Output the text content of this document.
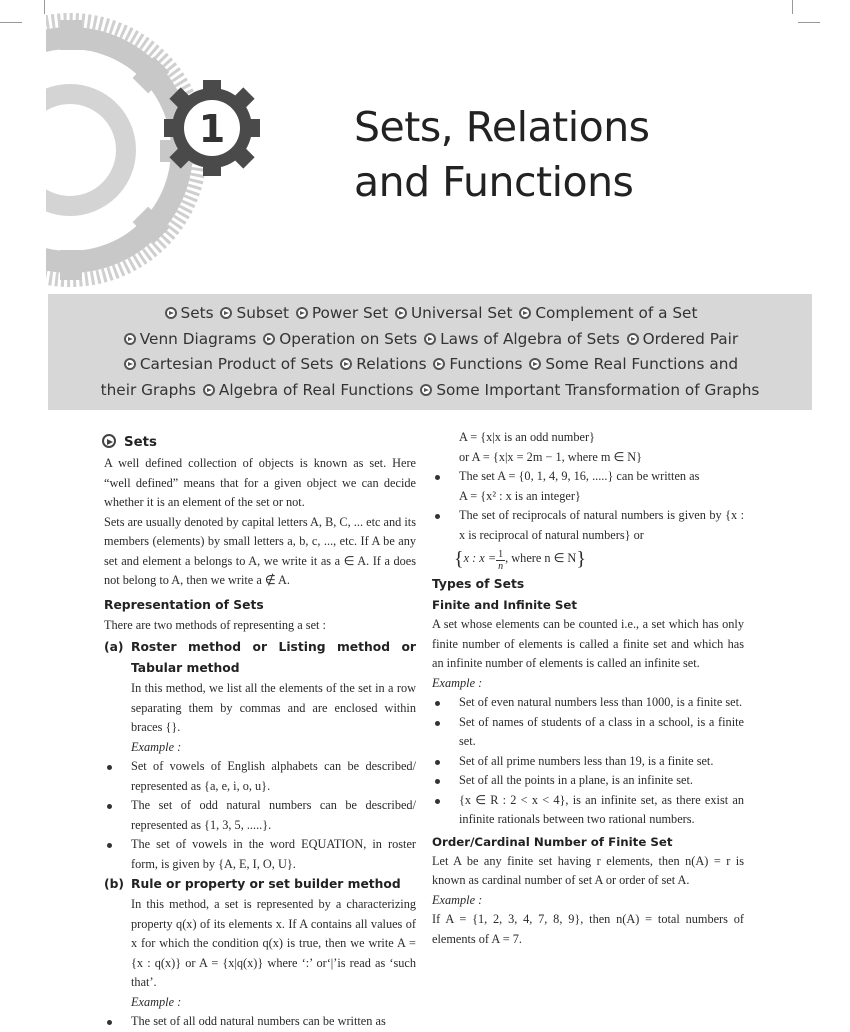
1	Sets, Relations
and Functions
Sets Subset Power Set Universal Set Complement of a Set
Venn Diagrams Operation on Sets Laws of Algebra of Sets Ordered Pair
Cartesian Product of Sets Relations Functions Some Real Functions and
their Graphs Algebra of Real Functions Some Important Transformation of Graphs
Sets
A well defined collection of objects is known as set. Here “well defined” means that for a given object we can decide whether it is an element of the set or not.
Sets are usually denoted by capital letters A, B, C, ... etc and its members (elements) by small letters a, b, c, ..., etc. If A be any set and element a belongs to A, we write it as a ∈ A. If a does not belong to A, then we write a ∉ A.
Representation of Sets
There are two methods of representing a set :
(a) Roster method or Listing method or Tabular method
In this method, we list all the elements of the set in a row separating them by commas and are enclosed within braces {}.
Example :
Set of vowels of English alphabets can be described/ represented as {a, e, i, o, u}.
The set of odd natural numbers can be described/ represented as {1, 3, 5, .....}.
The set of vowels in the word EQUATION, in roster form, is given by {A, E, I, O, U}.
(b) Rule or property or set builder method
In this method, a set is represented by a characterizing property q(x) of its elements x. If A contains all values of x for which the condition q(x) is true, then we write A = {x : q(x)} or A = {x|q(x)} where ‘:’ or‘|’is read as ‘such that’.
Example :
The set of all odd natural numbers can be written as
A = {x|x is an odd number}
or A = {x|x = 2m − 1, where m ∈ N}
The set A = {0, 1, 4, 9, 16, .....} can be written as
A = {x² : x is an integer}
The set of reciprocals of natural numbers is given by {x : x is reciprocal of natural numbers} or
{x : $x = \frac{1}{n}$ , where n ∈ N}
Types of Sets
Finite and Infinite Set
A set whose elements can be counted i.e., a set which has only finite number of elements is called a finite set and which has an infinite number of elements is called an infinite set.
Example :
Set of even natural numbers less than 1000, is a finite set.
Set of names of students of a class in a school, is a finite set.
Set of all prime numbers less than 19, is a finite set.
Set of all the points in a plane, is an infinite set.
{x ∈ R : 2 < x < 4}, is an infinite set, as there exist an infinite rationals between two rational numbers.
Order/Cardinal Number of Finite Set
Let A be any finite set having r elements, then n(A) = r is known as cardinal number of set A or order of set A.
Example :
If A = {1, 2, 3, 4, 7, 8, 9}, then n(A) = total numbers of elements of A = 7.
